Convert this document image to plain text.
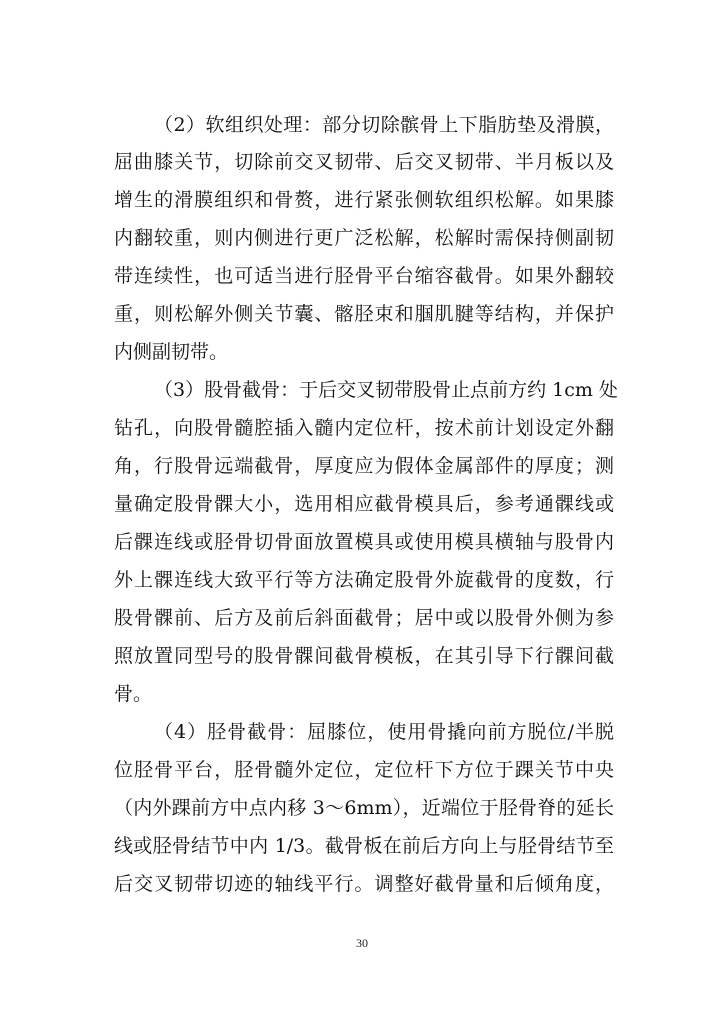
（2）软组织处理：部分切除髌骨上下脂肪垫及滑膜，
屈曲膝关节，切除前交叉韧带、后交叉韧带、半月板以及
增生的滑膜组织和骨赘，进行紧张侧软组织松解。如果膝
内翻较重，则内侧进行更广泛松解，松解时需保持侧副韧
带连续性，也可适当进行胫骨平台缩容截骨。如果外翻较
重，则松解外侧关节囊、髂胫束和腘肌腱等结构，并保护
内侧副韧带。
（3）股骨截骨：于后交叉韧带股骨止点前方约 1cm 处
钻孔，向股骨髓腔插入髓内定位杆，按术前计划设定外翻
角，行股骨远端截骨，厚度应为假体金属部件的厚度；测
量确定股骨髁大小，选用相应截骨模具后，参考通髁线或
后髁连线或胫骨切骨面放置模具或使用模具横轴与股骨内
外上髁连线大致平行等方法确定股骨外旋截骨的度数，行
股骨髁前、后方及前后斜面截骨；居中或以股骨外侧为参
照放置同型号的股骨髁间截骨模板，在其引导下行髁间截
骨。
（4）胫骨截骨：屈膝位，使用骨撬向前方脱位/半脱
位胫骨平台，胫骨髓外定位，定位杆下方位于踝关节中央
（内外踝前方中点内移 3～6mm），近端位于胫骨脊的延长
线或胫骨结节中内 1/3。截骨板在前后方向上与胫骨结节至
后交叉韧带切迹的轴线平行。调整好截骨量和后倾角度，
30
